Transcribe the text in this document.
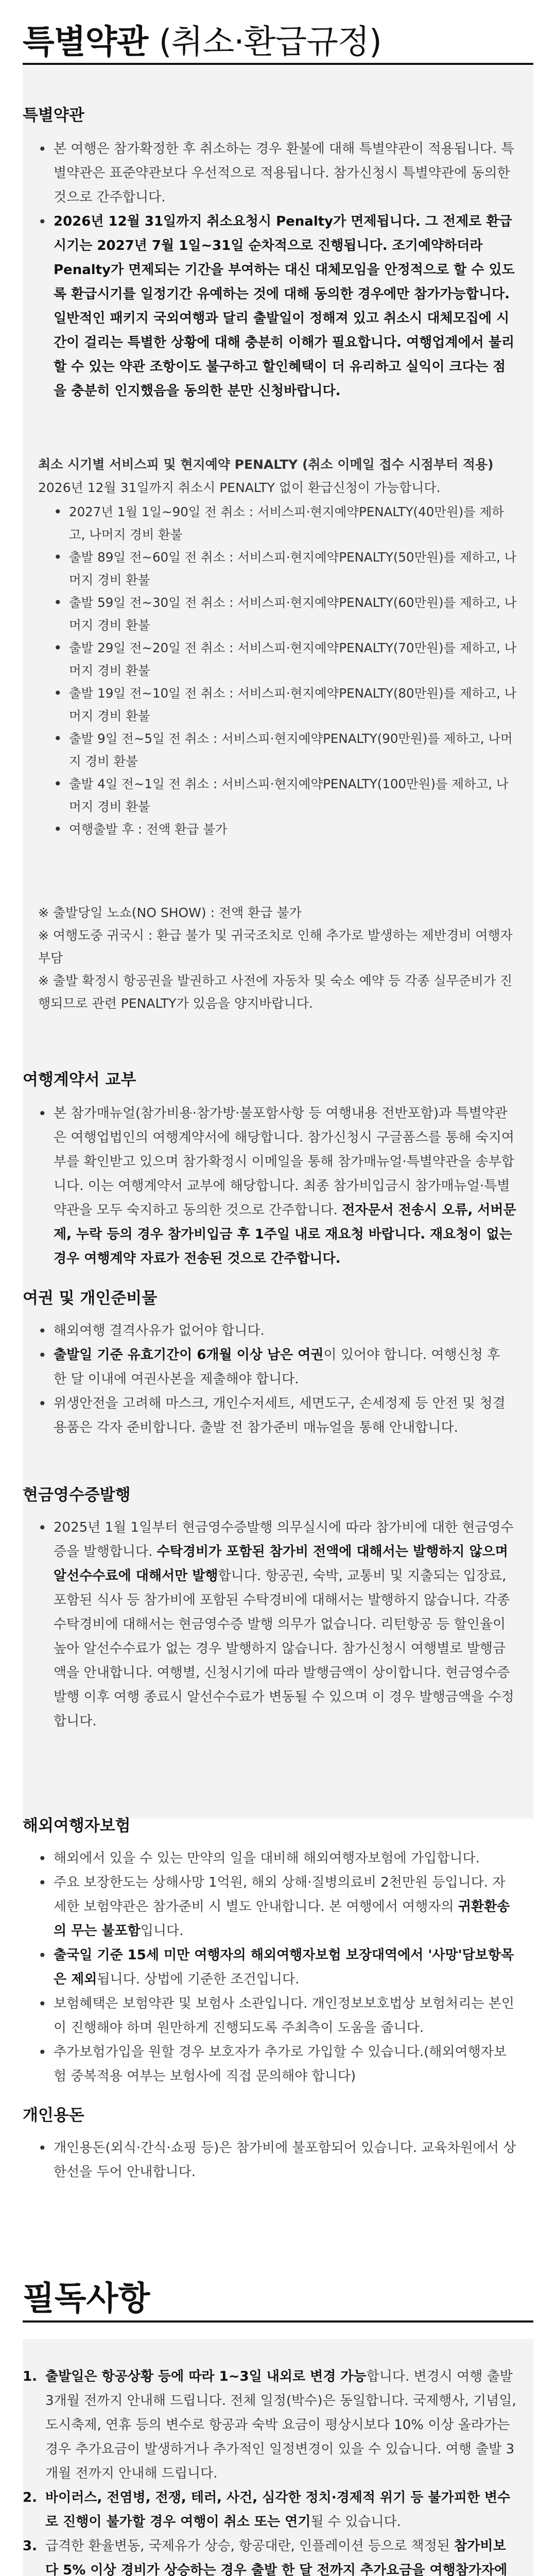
특별약관 (취소·환급규정)
특별약관
• 본 여행은 참가확정한 후 취소하는 경우 환불에 대해 특별약관이 적용됩니다. 특별약관은 표준약관보다 우선적으로 적용됩니다. 참가신청시 특별약관에 동의한 것으로 간주합니다.
• 2026년 12월 31일까지 취소요청시 Penalty가 면제됩니다. 그 전제로 환급시기는 2027년 7월 1일~31일 순차적으로 진행됩니다. 조기예약하더라 Penalty가 면제되는 기간을 부여하는 대신 대체모임을 안정적으로 할 수 있도록 환급시기를 일정기간 유예하는 것에 대해 동의한 경우에만 참가가능합니다. 일반적인 패키지 국외여행과 달리 출발일이 정해져 있고 취소시 대체모집에 시간이 걸리는 특별한 상황에 대해 충분히 이해가 필요합니다. 여행업계에서 불리할 수 있는 약관 조항이도 불구하고 할인혜택이 더 유리하고 실익이 크다는 점을 충분히 인지했음을 동의한 분만 신청바랍니다.
최소 시기별 서비스피 및 현지예약 PENALTY (취소 이메일 접수 시점부터 적용)
2026년 12월 31일까지 취소시 PENALTY 없이 환급신청이 가능합니다.
• 2027년 1월 1일~90일 전 취소 : 서비스피·현지예약PENALTY(40만원)를 제하고, 나머지 경비 환불
• 출발 89일 전~60일 전 취소 : 서비스피·현지예약PENALTY(50만원)를 제하고, 나머지 경비 환불
• 출발 59일 전~30일 전 취소 : 서비스피·현지예약PENALTY(60만원)를 제하고, 나머지 경비 환불
• 출발 29일 전~20일 전 취소 : 서비스피·현지예약PENALTY(70만원)를 제하고, 나머지 경비 환불
• 출발 19일 전~10일 전 취소 : 서비스피·현지예약PENALTY(80만원)를 제하고, 나머지 경비 환불
• 출발 9일 전~5일 전 취소 : 서비스피·현지예약PENALTY(90만원)를 제하고, 나머지 경비 환불
• 출발 4일 전~1일 전 취소 : 서비스피·현지예약PENALTY(100만원)를 제하고, 나머지 경비 환불
• 여행출발 후 : 전액 환급 불가
※ 출발당일 노쇼(NO SHOW) : 전액 환급 불가
※ 여행도중 귀국시 : 환급 불가 및 귀국조치로 인해 추가로 발생하는 제반경비 여행자 부담
※ 출발 확정시 항공권을 발권하고 사전에 자동차 및 숙소 예약 등 각종 실무준비가 진행되므로 관련 PENALTY가 있음을 양지바랍니다.
여행계약서 교부
• 본 참가매뉴얼(참가비용·참가방·불포함사항 등 여행내용 전반포함)과 특별약관은 여행업법인의 여행계약서에 해당합니다. 참가신청시 구글폼스를 통해 숙지여부를 확인받고 있으며 참가확정시 이메일을 통해 참가매뉴얼·특별약관을 송부합니다. 이는 여행계약서 교부에 해당합니다. 최종 참가비입금시 참가매뉴얼·특별약관을 모두 숙지하고 동의한 것으로 간주합니다. 전자문서 전송시 오류, 서버문제, 누락 등의 경우 참가비입금 후 1주일 내로 재요청 바랍니다. 재요청이 없는 경우 여행계약 자료가 전송된 것으로 간주합니다.
여권 및 개인준비물
• 해외여행 결격사유가 없어야 합니다.
• 출발일 기준 유효기간이 6개월 이상 남은 여권이 있어야 합니다. 여행신청 후 한 달 이내에 여권사본을 제출해야 합니다.
• 위생안전을 고려해 마스크, 개인수저세트, 세면도구, 손세정제 등 안전 및 청결용품은 각자 준비합니다. 출발 전 참가준비 매뉴얼을 통해 안내합니다.
현금영수증발행
• 2025년 1월 1일부터 현금영수증발행 의무실시에 따라 참가비에 대한 현금영수증을 발행합니다. 수탁경비가 포함된 참가비 전액에 대해서는 발행하지 않으며 알선수수료에 대해서만 발행합니다. 항공권, 숙박, 교통비 및 지출되는 입장료, 포함된 식사 등 참가비에 포함된 수탁경비에 대해서는 발행하지 않습니다. 각종 수탁경비에 대해서는 현금영수증 발행 의무가 없습니다. 리턴항공 등 할인율이 높아 알선수수료가 없는 경우 발행하지 않습니다. 참가신청시 여행별로 발행금액을 안내합니다. 여행별, 신청시기에 따라 발행금액이 상이합니다. 현금영수증 발행 이후 여행 종료시 알선수수료가 변동될 수 있으며 이 경우 발행금액을 수정합니다.
해외여행자보험
• 해외에서 있을 수 있는 만약의 일을 대비해 해외여행자보험에 가입합니다.
• 주요 보장한도는 상해사망 1억원, 해외 상해·질병의료비 2천만원 등입니다. 자세한 보험약관은 참가준비 시 별도 안내합니다. 본 여행에서 여행자의 귀환환송의 무는 불포함입니다.
• 출국일 기준 15세 미만 여행자의 해외여행자보험 보장대역에서 '사망'담보항목은 제외됩니다. 상법에 기준한 조건입니다.
• 보험혜택은 보험약관 및 보험사 소관입니다. 개인정보보호법상 보험처리는 본인이 진행해야 하며 원만하게 진행되도록 주최측이 도움을 줍니다.
• 추가보험가입을 원할 경우 보호자가 추가로 가입할 수 있습니다.(해외여행자보험 중복적용 여부는 보험사에 직접 문의해야 합니다)
개인용돈
• 개인용돈(외식·간식·쇼핑 등)은 참가비에 불포함되어 있습니다. 교육차원에서 상한선을 두어 안내합니다.
필독사항
1. 출발일은 항공상황 등에 따라 1~3일 내외로 변경 가능합니다. 변경시 여행 출발 3개월 전까지 안내해 드립니다. 전체 일정(박수)은 동일합니다. 국제행사, 기념일, 도시축제, 연휴 등의 변수로 항공과 숙박 요금이 평상시보다 10% 이상 올라가는 경우 추가요금이 발생하거나 추가적인 일정변경이 있을 수 있습니다. 여행 출발 3개월 전까지 안내해 드립니다.
2. 바이러스, 전염병, 전쟁, 테러, 사건, 심각한 정치·경제적 위기 등 불가피한 변수로 진행이 불가할 경우 여행이 취소 또는 연기될 수 있습니다.
3. 급격한 환율변동, 국제유가 상승, 항공대란, 인플레이션 등으로 책정된 참가비보다 5% 이상 경비가 상승하는 경우 출발 한 달 전까지 추가요금을 여행참가자에
